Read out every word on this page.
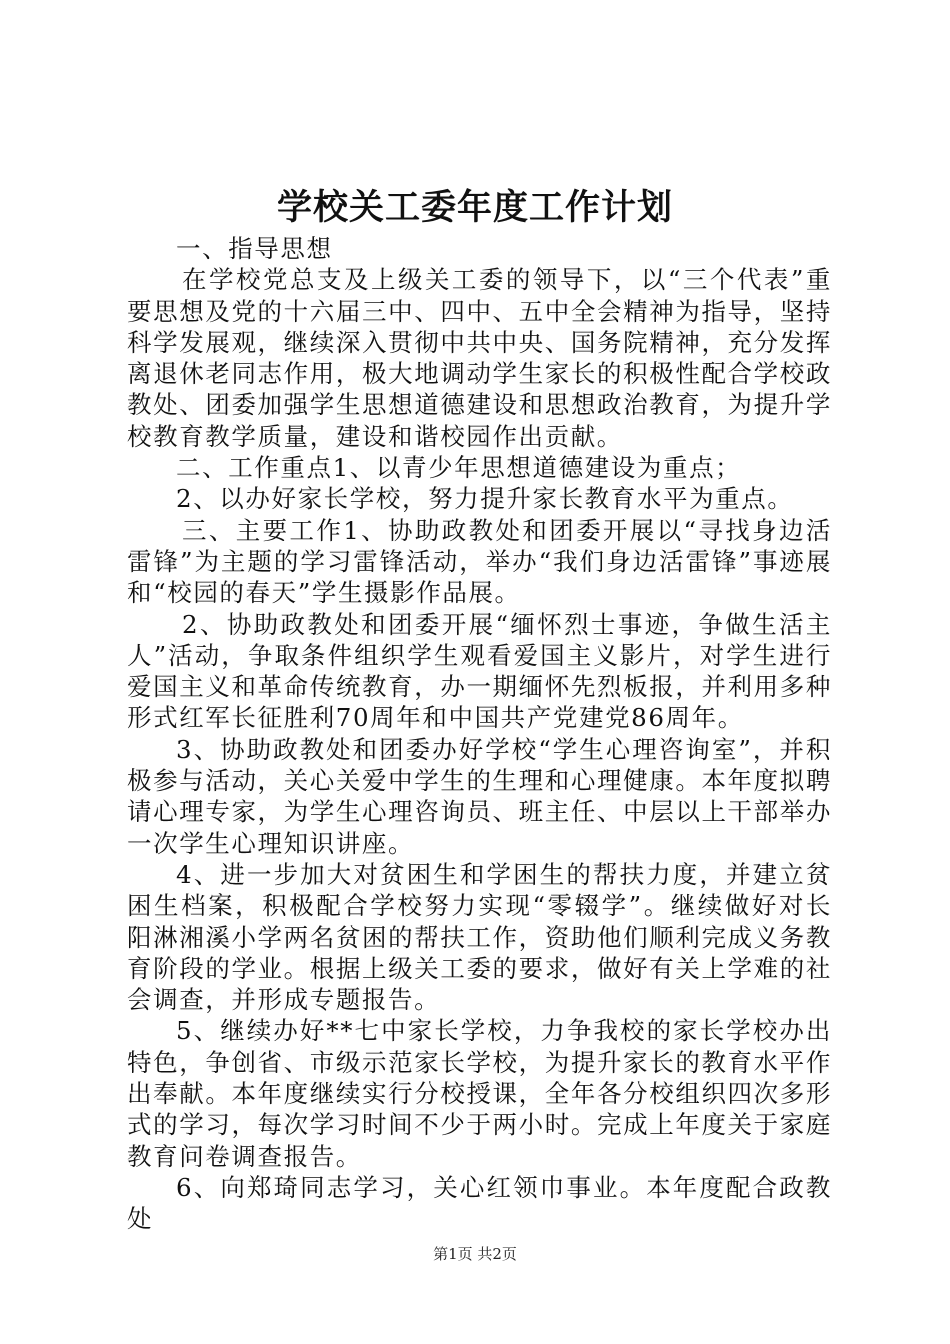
学校关工委年度工作计划

一、指导思想

在学校党总支及上级关工委的领导下，以“三个代表”重要思想及党的十六届三中、四中、五中全会精神为指导，坚持科学发展观，继续深入贯彻中共中央、国务院精神，充分发挥离退休老同志作用，极大地调动学生家长的积极性配合学校政教处、团委加强学生思想道德建设和思想政治教育，为提升学校教育教学质量，建设和谐校园作出贡献。

二、工作重点1、以青少年思想道德建设为重点；

2、以办好家长学校，努力提升家长教育水平为重点。

三、主要工作1、协助政教处和团委开展以“寻找身边活雷锋”为主题的学习雷锋活动，举办“我们身边活雷锋”事迹展和“校园的春天”学生摄影作品展。

2、协助政教处和团委开展“缅怀烈士事迹，争做生活主人”活动，争取条件组织学生观看爱国主义影片，对学生进行爱国主义和革命传统教育，办一期缅怀先烈板报，并利用多种形式红军长征胜利70周年和中国共产党建党86周年。

3、协助政教处和团委办好学校“学生心理咨询室”，并积极参与活动，关心关爱中学生的生理和心理健康。本年度拟聘请心理专家，为学生心理咨询员、班主任、中层以上干部举办一次学生心理知识讲座。

4、进一步加大对贫困生和学困生的帮扶力度，并建立贫困生档案，积极配合学校努力实现“零辍学”。继续做好对长阳淋湘溪小学两名贫困的帮扶工作，资助他们顺利完成义务教育阶段的学业。根据上级关工委的要求，做好有关上学难的社会调查，并形成专题报告。

5、继续办好**七中家长学校，力争我校的家长学校办出特色，争创省、市级示范家长学校，为提升家长的教育水平作出奉献。本年度继续实行分校授课，全年各分校组织四次多形式的学习，每次学习时间不少于两小时。完成上年度关于家庭教育问卷调查报告。

6、向郑琦同志学习，关心红领巾事业。本年度配合政教处

第1页 共2页
